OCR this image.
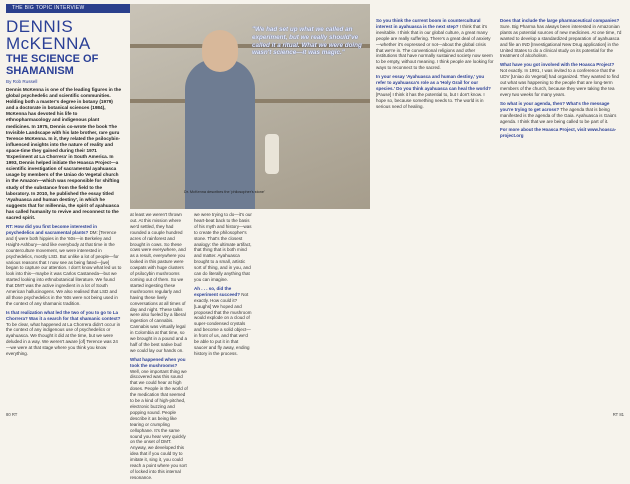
THE BIG TOPIC INTERVIEW
DENNIS McKENNA
THE SCIENCE OF SHAMANISM
By Rob Russell
Dennis McKenna is one of the leading figures in the global psychedelic and scientific communities. Holding both a master's degree in botany (1979) and a doctorate in botanical sciences (1984), McKenna has devoted his life to ethnopharmacology and indigenous plant medicines. In 1975, Dennis co-wrote the book The Invisible Landscape with his late brother, rare guru Terence McKenna. In it, they related the psilocybin-influenced insights into the nature of reality and space-time they gained during their 1971 'Experiment at La Chorrera' in South America. In 1993, Dennis helped initiate the Hoasca Project—a scientific investigation of sacramental ayahuasca usage by members of the Uniao do Vegetal church in the Amazon—which was responsible for shifting study of the substance from the field to the laboratory. In 2010, he published the essay titled 'Ayahuasca and human destiny', in which he suggests that for millennia, the spirit of ayahuasca has called humanity to revive and reconnect to the sacred spirit.

RT: How did you first become interested in psychedelics and sacramental plants? DM: [Terence and I] were both hippies in the '60s—in Berkeley and Haight-Ashbury—and like everybody at that time in the counterculture movement, we were interested in psychedelics, mostly LSD. But unlike a lot of people—for various reasons that I now see as being fated—[we] began to capture our attention. I don't know what led us to look into this—maybe it was Carlos Castaneda—but we started looking into ethnobotanical literature. We found that DMT was the active ingredient in a lot of South American hallucinogens. We also realised that LSD and all those psychedelics in the '60s were not being used in the context of any shamanic tradition.

Is that realization what led the two of you to go to La Chorrera? Was it a search for that shamanic context? To be clear, what happened at La Chorrera didn't occur in the context of any indigenous use of psychedelics or ayahuasca. We thought it did at the time, but we were deluded in a way. We weren't aware [of] Terence was 24—we were at that stage where you think you know everything.

"We had set up what we called an experiment, but we really should've called it a ritual. What we were doing wasn't science—it was magic."
Dr. McKenna describes the 'philosopher's stone'

at least we weren't thrown out. At this mission where we'd settled, they had rounded a couple hundred acres of rainforest and brought in cows. So these cows were everywhere, and as a result, everywhere you looked in this pasture were cowpats with huge clusters of psilocybin mushrooms coming out of them. So we started ingesting these mushrooms regularly and having these lively conversations at all times of day and night. These talks were also fueled by a liberal ingestion of cannabis. Cannabis was virtually legal in Colombia at that time, so we brought in a pound and a half of the best native bud we could lay our hands on.

What happened when you took the mushrooms? Well, one important thing we discovered was this sound that we could hear at high doses. People in the world of the medication that seemed to be a kind of high-pitched, electronic buzzing and popping sound. People describe it as being like tearing or crumpling cellophane. It's the same sound you hear very quickly on the onset of DMT. Anyway, we developed this idea that if you could try to imitate it, sing it, you could reach a point where you sort of locked into this internal resonance.

we were trying to do—it's our heart-beat back to the basis of his myth and history—was to create the philosopher's stone. That's the closest analogy: the ultimate artifact, that thing that is both mind and matter. Ayahuasca brought to a small, artistic sort of thing, and in you, and can do literally anything that you can imagine.

Ah . . . so, did the experiment succeed? Not exactly. How could it? [Laughs] We hoped and proposed that the mushroom would explode on a cloud of super-condensed crystals and become a solid object—in front of us, and that we'd be able to put it in that saucer and fly away, ending history in the process.

So you think the current boom in countercultural interest in ayahuasca is the next step? I think that it's inevitable. I think that in our global culture, a great many people are really suffering. There's a great deal of anxiety—whether it's expressed or not—about the global crisis that we're in. The conventional religions and other institutions that have normally sustained society now seem to be empty, without meaning. I think people are looking for ways to reconnect to the sacred.

In your essay 'Ayahuasca and human destiny,' you refer to ayahuasca's role as a 'Holy Grail for our species.' Do you think ayahuasca can heal the world? [Pause] I think it has the potential to, but I don't know. I hope so, because something needs to. The world is in serious need of healing.

Does that include the large pharmaceutical companies? Sure. Big Pharma has always been interested in Amazonian plants as potential sources of new medicines. At one time, I'd wanted to develop a standardized preparation of ayahuasca and file an IND [Investigational New Drug application] in the United States to do a clinical study on its potential for the treatment of alcoholism.

What have you got involved with the Hoasca Project? Not exactly. In 1991, I was invited to a conference that the UDV [Uniao do Vegetal] had organized. They wanted to find out what was happening to the people that are long-term members of the church, because they were taking the tea every two weeks for many years.

So what is your agenda, then? What's the message you're trying to get across? The agenda that is being manifested is the agenda of the Gaia. Ayahuasca is Gaia's agenda. I think that we are being called to be part of it.

For more about the Hoasca Project, visit www.hoasca-project.org

80 RT	RT 81
